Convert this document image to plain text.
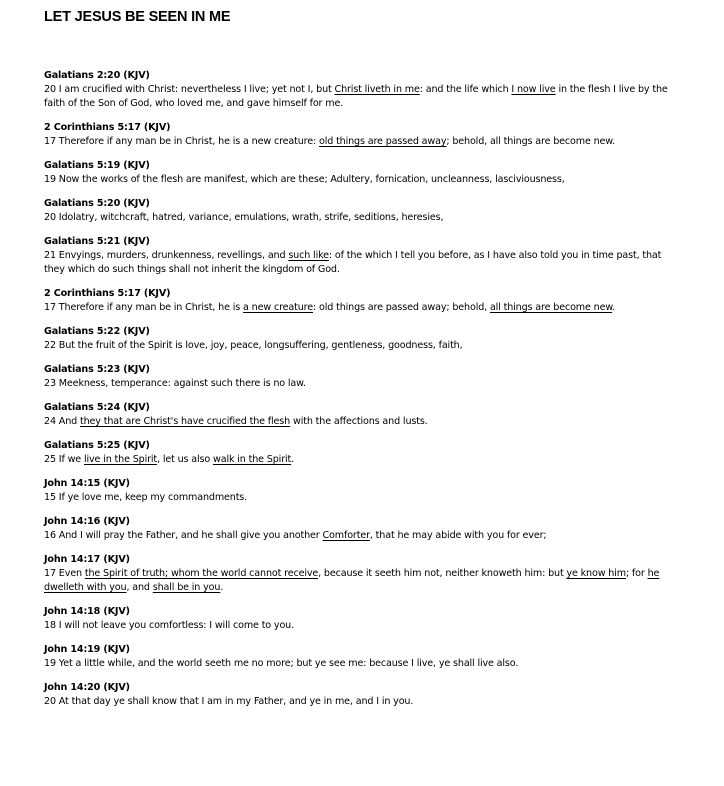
LET JESUS BE SEEN IN ME
Galatians 2:20 (KJV)
20 I am crucified with Christ: nevertheless I live; yet not I, but Christ liveth in me: and the life which I now live in the flesh I live by the faith of the Son of God, who loved me, and gave himself for me.
2 Corinthians 5:17 (KJV)
17 Therefore if any man be in Christ, he is a new creature: old things are passed away; behold, all things are become new.
Galatians 5:19 (KJV)
19 Now the works of the flesh are manifest, which are these; Adultery, fornication, uncleanness, lasciviousness,
Galatians 5:20 (KJV)
20 Idolatry, witchcraft, hatred, variance, emulations, wrath, strife, seditions, heresies,
Galatians 5:21 (KJV)
21 Envyings, murders, drunkenness, revellings, and such like: of the which I tell you before, as I have also told you in time past, that they which do such things shall not inherit the kingdom of God.
2 Corinthians 5:17 (KJV)
17 Therefore if any man be in Christ, he is a new creature: old things are passed away; behold, all things are become new.
Galatians 5:22 (KJV)
22 But the fruit of the Spirit is love, joy, peace, longsuffering, gentleness, goodness, faith,
Galatians 5:23 (KJV)
23 Meekness, temperance: against such there is no law.
Galatians 5:24 (KJV)
24 And they that are Christ's have crucified the flesh with the affections and lusts.
Galatians 5:25 (KJV)
25 If we live in the Spirit, let us also walk in the Spirit.
John 14:15 (KJV)
15 If ye love me, keep my commandments.
John 14:16 (KJV)
16 And I will pray the Father, and he shall give you another Comforter, that he may abide with you for ever;
John 14:17 (KJV)
17 Even the Spirit of truth; whom the world cannot receive, because it seeth him not, neither knoweth him: but ye know him; for he dwelleth with you, and shall be in you.
John 14:18 (KJV)
18 I will not leave you comfortless: I will come to you.
John 14:19 (KJV)
19 Yet a little while, and the world seeth me no more; but ye see me: because I live, ye shall live also.
John 14:20 (KJV)
20 At that day ye shall know that I am in my Father, and ye in me, and I in you.
